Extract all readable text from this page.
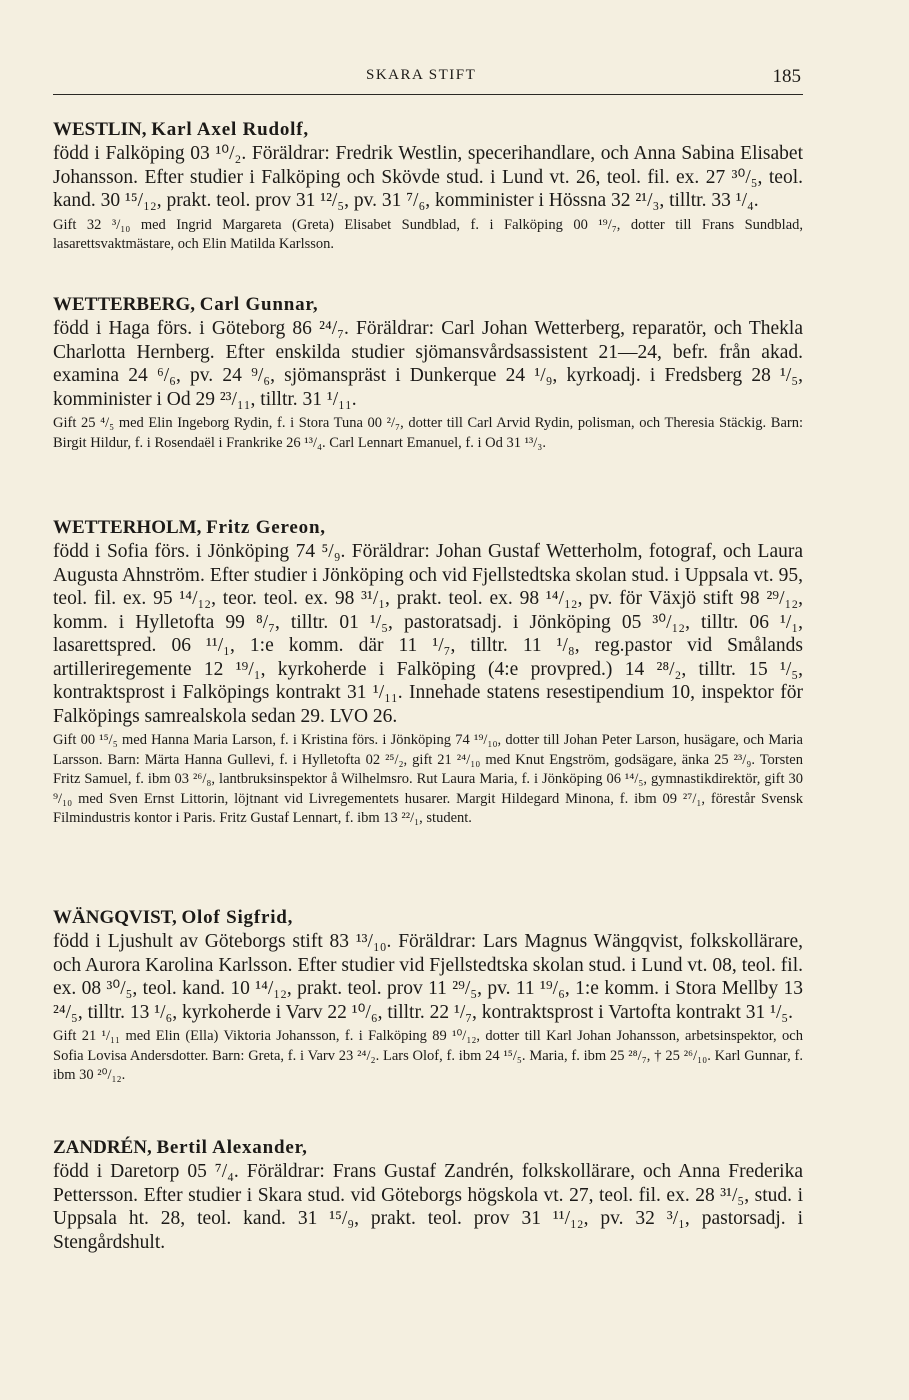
SKARA STIFT	185
WESTLIN, Karl Axel Rudolf,
född i Falköping 03 ¹⁰/₂. Föräldrar: Fredrik Westlin, specerihandlare, och Anna Sabina Elisabet Johansson. Efter studier i Falköping och Skövde stud. i Lund vt. 26, teol. fil. ex. 27 ³⁰/₅, teol. kand. 30 ¹⁵/₁₂, prakt. teol. prov 31 ¹²/₅, pv. 31 ⁷/₆, komminister i Hössna 32 ²¹/₃, tilltr. 33 ¹/₄.
Gift 32 ³/₁₀ med Ingrid Margareta (Greta) Elisabet Sundblad, f. i Falköping 00 ¹⁹/₇, dotter till Frans Sundblad, lasarettsvaktmästare, och Elin Matilda Karlsson.
WETTERBERG, Carl Gunnar,
född i Haga förs. i Göteborg 86 ²⁴/₇. Föräldrar: Carl Johan Wetterberg, reparatör, och Thekla Charlotta Hernberg. Efter enskilda studier sjömansvårdsassistent 21—24, befr. från akad. examina 24 ⁶/₆, pv. 24 ⁹/₆, sjömanspräst i Dunkerque 24 ¹/₉, kyrkoadj. i Fredsberg 28 ¹/₅, komminister i Od 29 ²³/₁₁, tilltr. 31 ¹/₁₁.
Gift 25 ⁴/₅ med Elin Ingeborg Rydin, f. i Stora Tuna 00 ²/₇, dotter till Carl Arvid Rydin, polisman, och Theresia Stäckig. Barn: Birgit Hildur, f. i Rosendaël i Frankrike 26 ¹³/₄. Carl Lennart Emanuel, f. i Od 31 ¹³/₃.
WETTERHOLM, Fritz Gereon,
född i Sofia förs. i Jönköping 74 ⁵/₉. Föräldrar: Johan Gustaf Wetterholm, fotograf, och Laura Augusta Ahnström. Efter studier i Jönköping och vid Fjellstedtska skolan stud. i Uppsala vt. 95, teol. fil. ex. 95 ¹⁴/₁₂, teor. teol. ex. 98 ³¹/₁, prakt. teol. ex. 98 ¹⁴/₁₂, pv. för Växjö stift 98 ²⁹/₁₂, komm. i Hylletofta 99 ⁸/₇, tilltr. 01 ¹/₅, pastoratsadj. i Jönköping 05 ³⁰/₁₂, tilltr. 06 ¹/₁, lasarettspred. 06 ¹¹/₁, 1:e komm. där 11 ¹/₇, tilltr. 11 ¹/₈, reg.pastor vid Smålands artilleriregemente 12 ¹⁹/₁, kyrkoherde i Falköping (4:e provpred.) 14 ²⁸/₂, tilltr. 15 ¹/₅, kontraktsprost i Falköpings kontrakt 31 ¹/₁₁. Innehade statens resestipendium 10, inspektor för Falköpings samrealskola sedan 29. LVO 26.
Gift 00 ¹⁵/₅ med Hanna Maria Larson, f. i Kristina förs. i Jönköping 74 ¹⁹/₁₀, dotter till Johan Peter Larson, husägare, och Maria Larsson. Barn: Märta Hanna Gullevi, f. i Hylletofta 02 ²⁵/₂, gift 21 ²⁴/₁₀ med Knut Engström, godsägare, änka 25 ²³/₉. Torsten Fritz Samuel, f. ibm 03 ²⁶/₈, lantbruksinspektor å Wilhelmsro. Rut Laura Maria, f. i Jönköping 06 ¹⁴/₅, gymnastikdirektör, gift 30 ⁹/₁₀ med Sven Ernst Littorin, löjtnant vid Livregementets husarer. Margit Hildegard Minona, f. ibm 09 ²⁷/₁, förestår Svensk Filmindustris kontor i Paris. Fritz Gustaf Lennart, f. ibm 13 ²²/₁, student.
WÄNGQVIST, Olof Sigfrid,
född i Ljushult av Göteborgs stift 83 ¹³/₁₀. Föräldrar: Lars Magnus Wängqvist, folkskollärare, och Aurora Karolina Karlsson. Efter studier vid Fjellstedtska skolan stud. i Lund vt. 08, teol. fil. ex. 08 ³⁰/₅, teol. kand. 10 ¹⁴/₁₂, prakt. teol. prov 11 ²⁹/₅, pv. 11 ¹⁹/₆, 1:e komm. i Stora Mellby 13 ²⁴/₅, tilltr. 13 ¹/₆, kyrkoherde i Varv 22 ¹⁰/₆, tilltr. 22 ¹/₇, kontraktsprost i Vartofta kontrakt 31 ¹/₅.
Gift 21 ¹/₁₁ med Elin (Ella) Viktoria Johansson, f. i Falköping 89 ¹⁰/₁₂, dotter till Karl Johan Johansson, arbetsinspektor, och Sofia Lovisa Andersdotter. Barn: Greta, f. i Varv 23 ²⁴/₂. Lars Olof, f. ibm 24 ¹⁵/₅. Maria, f. ibm 25 ²⁸/₇, † 25 ²⁶/₁₀. Karl Gunnar, f. ibm 30 ²⁰/₁₂.
ZANDRÉN, Bertil Alexander,
född i Daretorp 05 ⁷/₄. Föräldrar: Frans Gustaf Zandrén, folkskollärare, och Anna Frederika Pettersson. Efter studier i Skara stud. vid Göteborgs högskola vt. 27, teol. fil. ex. 28 ³¹/₅, stud. i Uppsala ht. 28, teol. kand. 31 ¹⁵/₉, prakt. teol. prov 31 ¹¹/₁₂, pv. 32 ³/₁, pastorsadj. i Stengårdshult.
